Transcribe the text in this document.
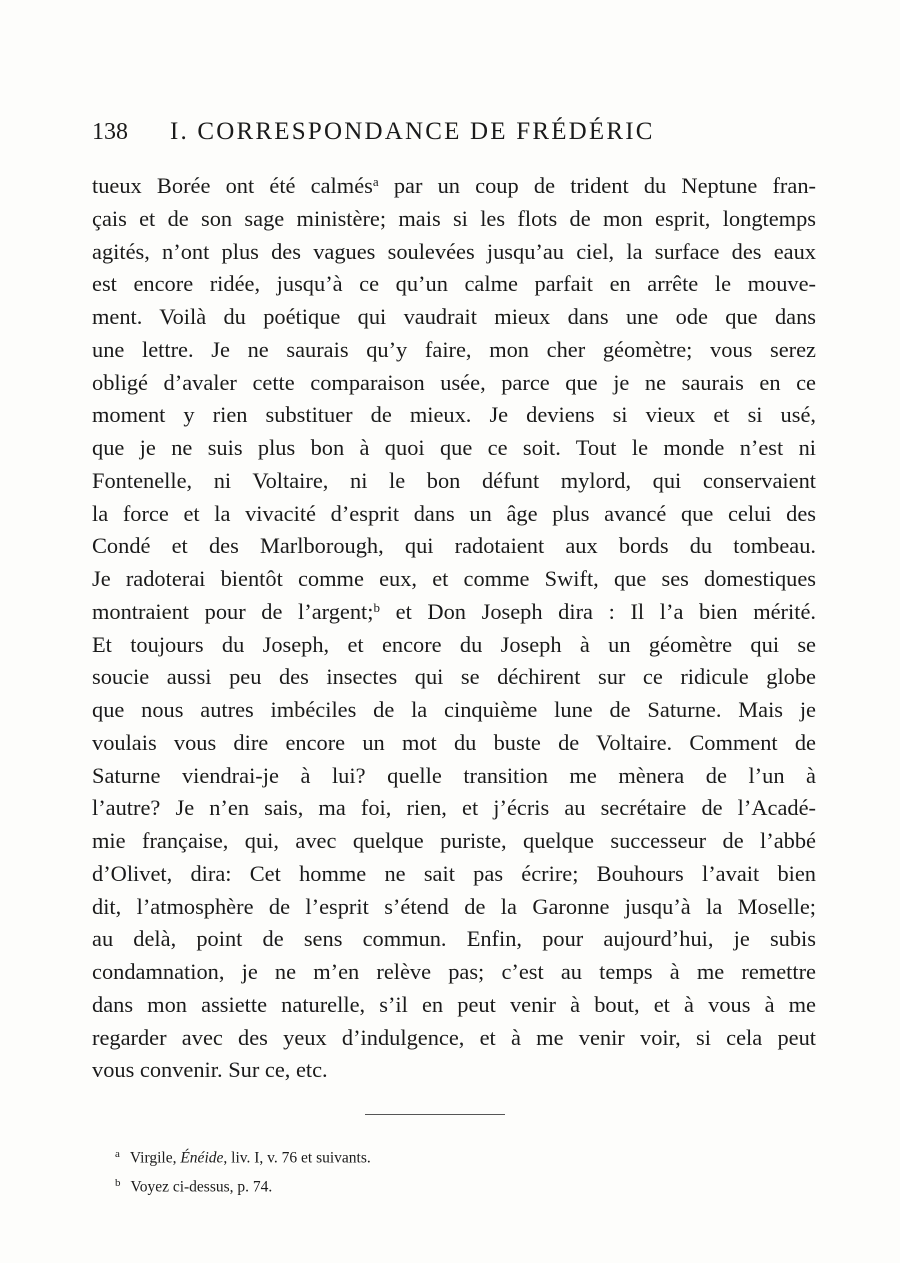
138 I. CORRESPONDANCE DE FRÉDÉRIC
tueux Borée ont été calmés$^a$ par un coup de trident du Neptune fran-
çais et de son sage ministère; mais si les flots de mon esprit, longtemps
agités, n’ont plus des vagues soulevées jusqu’au ciel, la surface des eaux
est encore ridée, jusqu’à ce qu’un calme parfait en arrête le mouve-
ment. Voilà du poétique qui vaudrait mieux dans une ode que dans
une lettre. Je ne saurais qu’y faire, mon cher géomètre; vous serez
obligé d’avaler cette comparaison usée, parce que je ne saurais en ce
moment y rien substituer de mieux. Je deviens si vieux et si usé,
que je ne suis plus bon à quoi que ce soit. Tout le monde n’est ni
Fontenelle, ni Voltaire, ni le bon défunt mylord, qui conservaient
la force et la vivacité d’esprit dans un âge plus avancé que celui des
Condé et des Marlborough, qui radotaient aux bords du tombeau.
Je radoterai bientôt comme eux, et comme Swift, que ses domestiques
montraient pour de l’argent;$^b$ et Don Joseph dira : Il l’a bien mérité.
Et toujours du Joseph, et encore du Joseph à un géomètre qui se
soucie aussi peu des insectes qui se déchirent sur ce ridicule globe
que nous autres imbéciles de la cinquième lune de Saturne. Mais je
voulais vous dire encore un mot du buste de Voltaire. Comment de
Saturne viendrai-je à lui? quelle transition me mènera de l’un à
l’autre? Je n’en sais, ma foi, rien, et j’écris au secrétaire de l’Acadé-
mie française, qui, avec quelque puriste, quelque successeur de l’abbé
d’Olivet, dira: Cet homme ne sait pas écrire; Bouhours l’avait bien
dit, l’atmosphère de l’esprit s’étend de la Garonne jusqu’à la Moselle;
au delà, point de sens commun. Enfin, pour aujourd’hui, je subis
condamnation, je ne m’en relève pas; c’est au temps à me remettre
dans mon assiette naturelle, s’il en peut venir à bout, et à vous à me
regarder avec des yeux d’indulgence, et à me venir voir, si cela peut
vous convenir. Sur ce, etc.
$^a$ Virgile, Énéide, liv. I, v. 76 et suivants.
$^b$ Voyez ci-dessus, p. 74.
